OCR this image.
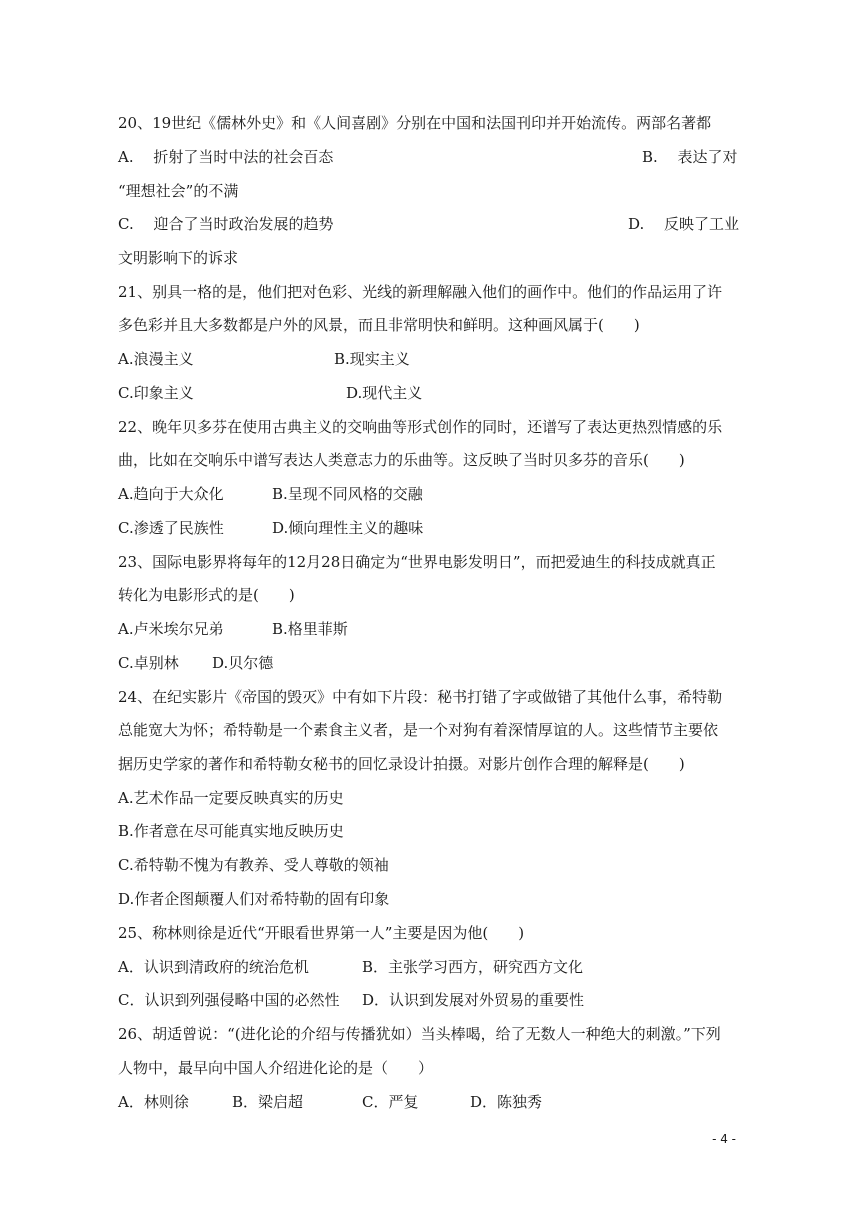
20、19世纪《儒林外史》和《人间喜剧》分别在中国和法国刊印并开始流传。两部名著都
A.　 折射了当时中法的社会百态	B.　 表达了对
“理想社会”的不满
C.　 迎合了当时政治发展的趋势	D.　 反映了工业
文明影响下的诉求
21、别具一格的是，他们把对色彩、光线的新理解融入他们的画作中。他们的作品运用了许
多色彩并且大多数都是户外的风景，而且非常明快和鲜明。这种画风属于(　　)
A.浪漫主义	B.现实主义
C.印象主义	D.现代主义
22、晚年贝多芬在使用古典主义的交响曲等形式创作的同时，还谱写了表达更热烈情感的乐
曲，比如在交响乐中谱写表达人类意志力的乐曲等。这反映了当时贝多芬的音乐(　　)
A.趋向于大众化	B.呈现不同风格的交融
C.渗透了民族性	D.倾向理性主义的趣味
23、国际电影界将每年的12月28日确定为“世界电影发明日”，而把爱迪生的科技成就真正
转化为电影形式的是(　　)
A.卢米埃尔兄弟	B.格里菲斯
C.卓别林 D.贝尔德
24、在纪实影片《帝国的毁灭》中有如下片段：秘书打错了字或做错了其他什么事，希特勒
总能宽大为怀；希特勒是一个素食主义者，是一个对狗有着深情厚谊的人。这些情节主要依
据历史学家的著作和希特勒女秘书的回忆录设计拍摄。对影片创作合理的解释是(　　)
A.艺术作品一定要反映真实的历史
B.作者意在尽可能真实地反映历史
C.希特勒不愧为有教养、受人尊敬的领袖
D.作者企图颠覆人们对希特勒的固有印象
25、称林则徐是近代“开眼看世界第一人”主要是因为他(　　)
A．认识到清政府的统治危机	B．主张学习西方，研究西方文化
C．认识到列强侵略中国的必然性 D．认识到发展对外贸易的重要性
26、胡适曾说：“(进化论的介绍与传播犹如）当头棒喝，给了无数人一种绝大的刺激。”下列
人物中，最早向中国人介绍进化论的是（　　）
A．林则徐	B．梁启超	C．严复	D．陈独秀
- 4 -
